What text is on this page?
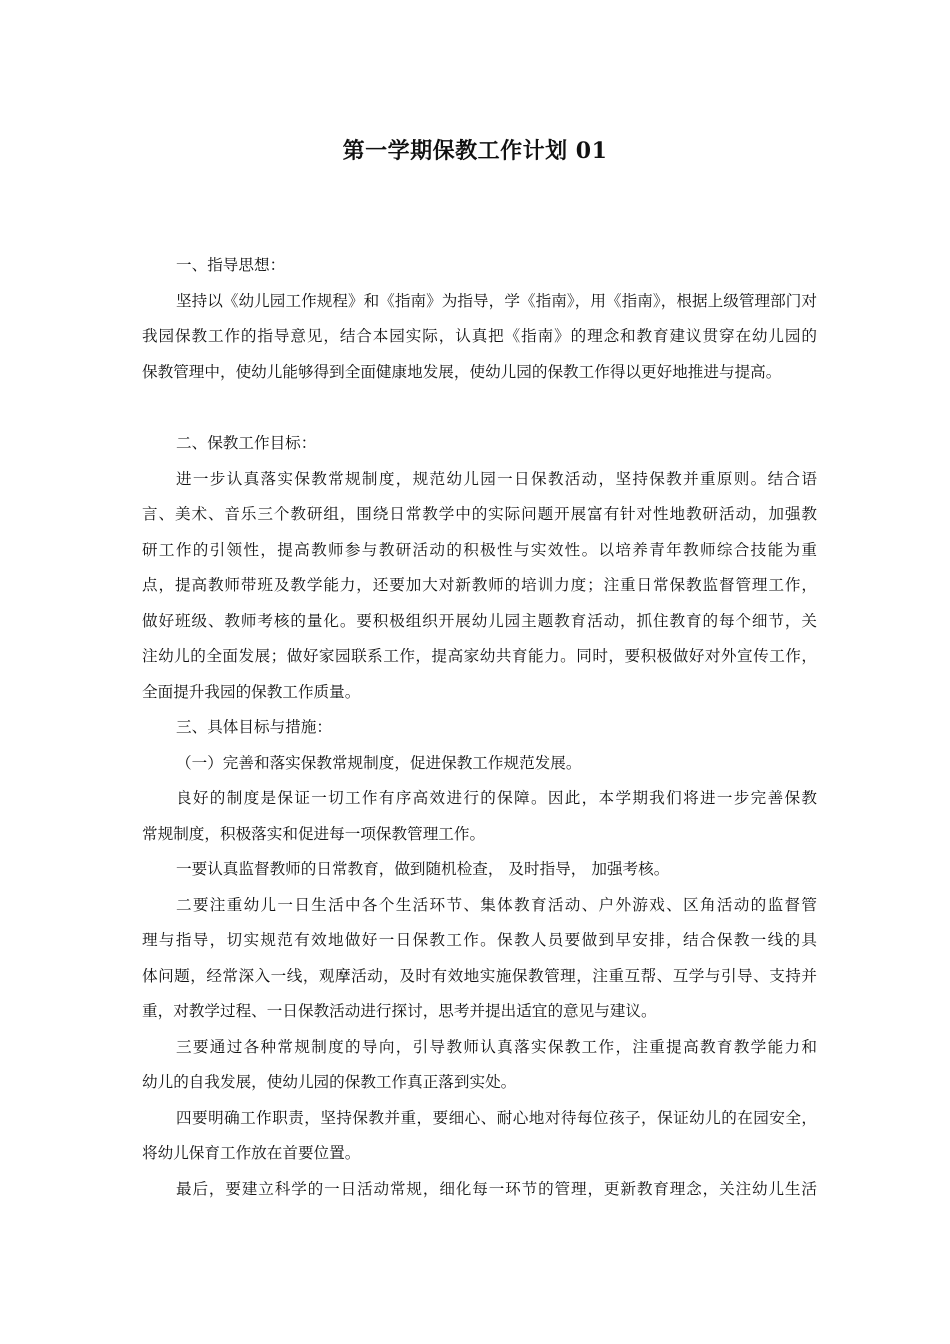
第一学期保教工作计划 01
一、指导思想：
坚持以《幼儿园工作规程》和《指南》为指导，学《指南》，用《指南》，根据上级管理部门对
我园保教工作的指导意见，结合本园实际，认真把《指南》的理念和教育建议贯穿在幼儿园的
保教管理中，使幼儿能够得到全面健康地发展，使幼儿园的保教工作得以更好地推进与提高。
二、保教工作目标：
进一步认真落实保教常规制度，规范幼儿园一日保教活动，坚持保教并重原则。结合语
言、美术、音乐三个教研组，围绕日常教学中的实际问题开展富有针对性地教研活动，加强教
研工作的引领性，提高教师参与教研活动的积极性与实效性。以培养青年教师综合技能为重
点，提高教师带班及教学能力，还要加大对新教师的培训力度；注重日常保教监督管理工作，
做好班级、教师考核的量化。要积极组织开展幼儿园主题教育活动，抓住教育的每个细节，关
注幼儿的全面发展；做好家园联系工作，提高家幼共育能力。同时，要积极做好对外宣传工作，
全面提升我园的保教工作质量。
三、具体目标与措施：
（一）完善和落实保教常规制度，促进保教工作规范发展。
良好的制度是保证一切工作有序高效进行的保障。因此，本学期我们将进一步完善保教
常规制度，积极落实和促进每一项保教管理工作。
一要认真监督教师的日常教育，做到随机检查， 及时指导， 加强考核。
二要注重幼儿一日生活中各个生活环节、集体教育活动、户外游戏、区角活动的监督管
理与指导，切实规范有效地做好一日保教工作。保教人员要做到早安排，结合保教一线的具
体问题，经常深入一线，观摩活动，及时有效地实施保教管理，注重互帮、互学与引导、支持并
重，对教学过程、一日保教活动进行探讨，思考并提出适宜的意见与建议。
三要通过各种常规制度的导向，引导教师认真落实保教工作，注重提高教育教学能力和
幼儿的自我发展，使幼儿园的保教工作真正落到实处。
四要明确工作职责，坚持保教并重，要细心、耐心地对待每位孩子，保证幼儿的在园安全，
将幼儿保育工作放在首要位置。
最后，要建立科学的一日活动常规，细化每一环节的管理，更新教育理念，关注幼儿生活
